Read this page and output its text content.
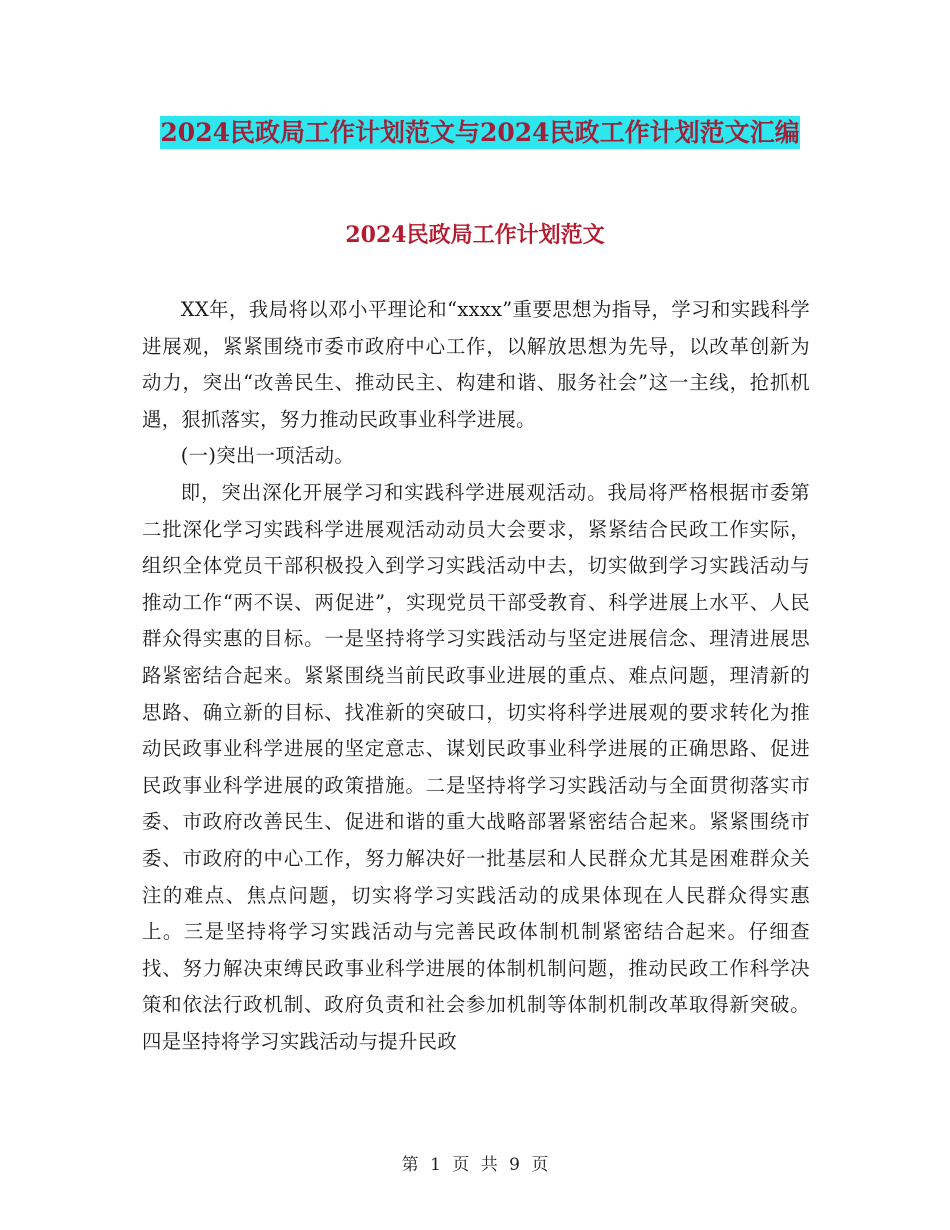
2024民政局工作计划范文与2024民政工作计划范文汇编
2024民政局工作计划范文

XX年，我局将以邓小平理论和“xxxx”重要思想为指导，学习和实践科学进展观，紧紧围绕市委市政府中心工作，以解放思想为先导，以改革创新为动力，突出“改善民生、推动民主、构建和谐、服务社会”这一主线，抢抓机遇，狠抓落实，努力推动民政事业科学进展。

(一)突出一项活动。

即，突出深化开展学习和实践科学进展观活动。我局将严格根据市委第二批深化学习实践科学进展观活动动员大会要求，紧紧结合民政工作实际，组织全体党员干部积极投入到学习实践活动中去，切实做到学习实践活动与推动工作“两不误、两促进”，实现党员干部受教育、科学进展上水平、人民群众得实惠的目标。一是坚持将学习实践活动与坚定进展信念、理清进展思路紧密结合起来。紧紧围绕当前民政事业进展的重点、难点问题，理清新的思路、确立新的目标、找准新的突破口，切实将科学进展观的要求转化为推动民政事业科学进展的坚定意志、谋划民政事业科学进展的正确思路、促进民政事业科学进展的政策措施。二是坚持将学习实践活动与全面贯彻落实市委、市政府改善民生、促进和谐的重大战略部署紧密结合起来。紧紧围绕市委、市政府的中心工作，努力解决好一批基层和人民群众尤其是困难群众关注的难点、焦点问题，切实将学习实践活动的成果体现在人民群众得实惠上。三是坚持将学习实践活动与完善民政体制机制紧密结合起来。仔细查找、努力解决束缚民政事业科学进展的体制机制问题，推动民政工作科学决策和依法行政机制、政府负责和社会参加机制等体制机制改革取得新突破。四是坚持将学习实践活动与提升民政

第 1 页 共 9 页
